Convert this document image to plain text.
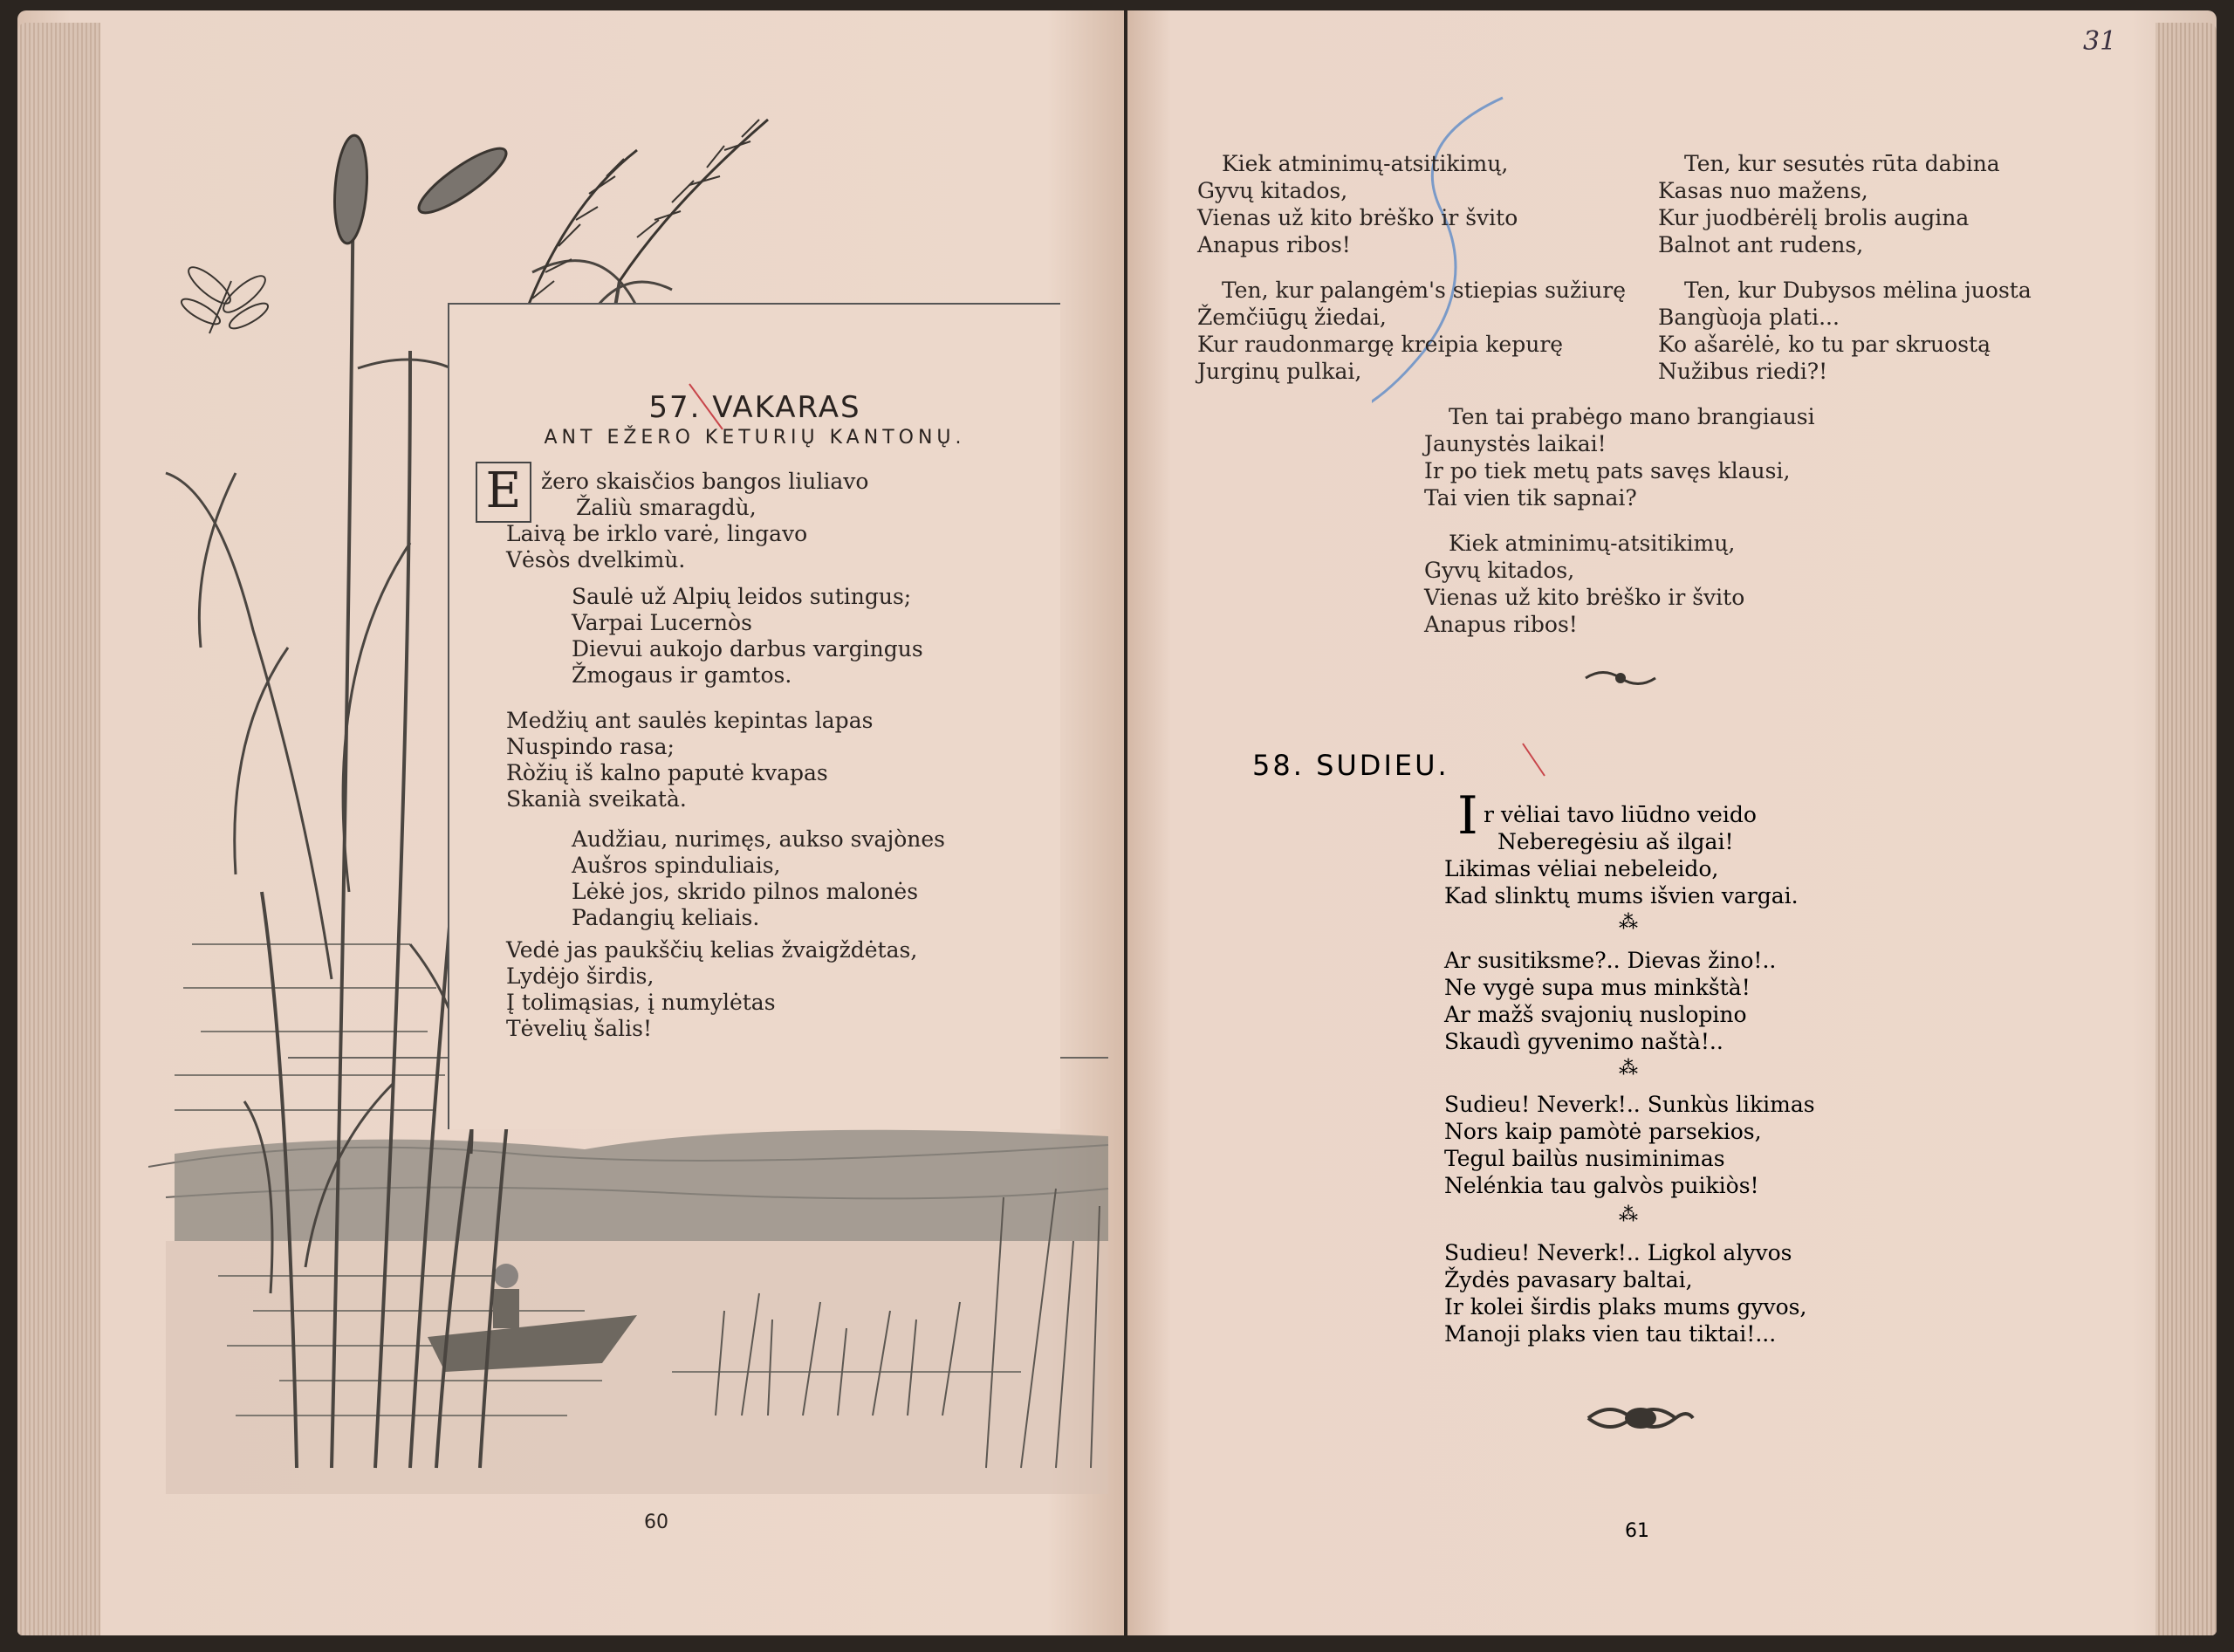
57. VAKARAS
ANT EŽERO KETURIŲ KANTONŲ.
E žero skaisčios bangos liuliavo
Žaliù smaragdù,
Laivą be irklo varė, lingavo
Vėsòs dvelkimù.
Saulė už Alpių leidos sutingus;
Varpai Lucernòs
Dievui aukojo darbus vargingus
Žmogaus ir gamtos.
Medžių ant saulės kepintas lapas
Nuspindo rasa;
Ròžių iš kalno paputė kvapas
Skanià sveikatà.
Audžiau, nurimęs, aukso svajònes
Aušros spinduliais,
Lėkė jos, skrido pilnos malonės
Padangių keliais.
Vedė jas paukščių kelias žvaigždėtas,
Lydėjo širdis,
Į tolimąsias, į numylėtas
Tėvelių šalis!
60
31
Kiek atminimų-atsitikimų,
Gyvų kitados,
Vienas už kito brėško ir švito
Anapus ribos!
Ten, kur palangėm's stiepias sužiurę
Žemčiūgų žiedai,
Kur raudonmargę kreipia kepurę
Jurginų pulkai,
Ten, kur sesutės rūta dabina
Kasas nuo mažens,
Kur juodbėrėlį brolis augina
Balnot ant rudens,
Ten, kur Dubysos mėlina juosta
Bangùoja plati...
Ko ašarėlė, ko tu par skruostą
Nužibus riedi?!
Ten tai prabėgo mano brangiausi
Jaunystės laikai!
Ir po tiek metų pats savęs klausi,
Tai vien tik sapnai?
Kiek atminimų-atsitikimų,
Gyvų kitados,
Vienas už kito brėško ir švito
Anapus ribos!
58. SUDIEU.
I r vėliai tavo liūdno veido
Neberegėsiu aš ilgai!
Likimas vėliai nebeleido,
Kad slinktų mums išvien vargai.
⁂
Ar susitiksme?.. Dievas žino!..
Ne vygė supa mus minkštà!
Ar mažš svajonių nuslopino
Skaudì gyvenimo naštà!..
⁂
Sudieu! Neverk!.. Sunkùs likimas
Nors kaip pamòtė parsekios,
Tegul bailùs nusiminimas
Nelénkia tau galvòs puikiòs!
⁂
Sudieu! Neverk!.. Ligkol alyvos
Žydės pavasary baltai,
Ir kolei širdis plaks mums gyvos,
Manoji plaks vien tau tiktai!...
61
